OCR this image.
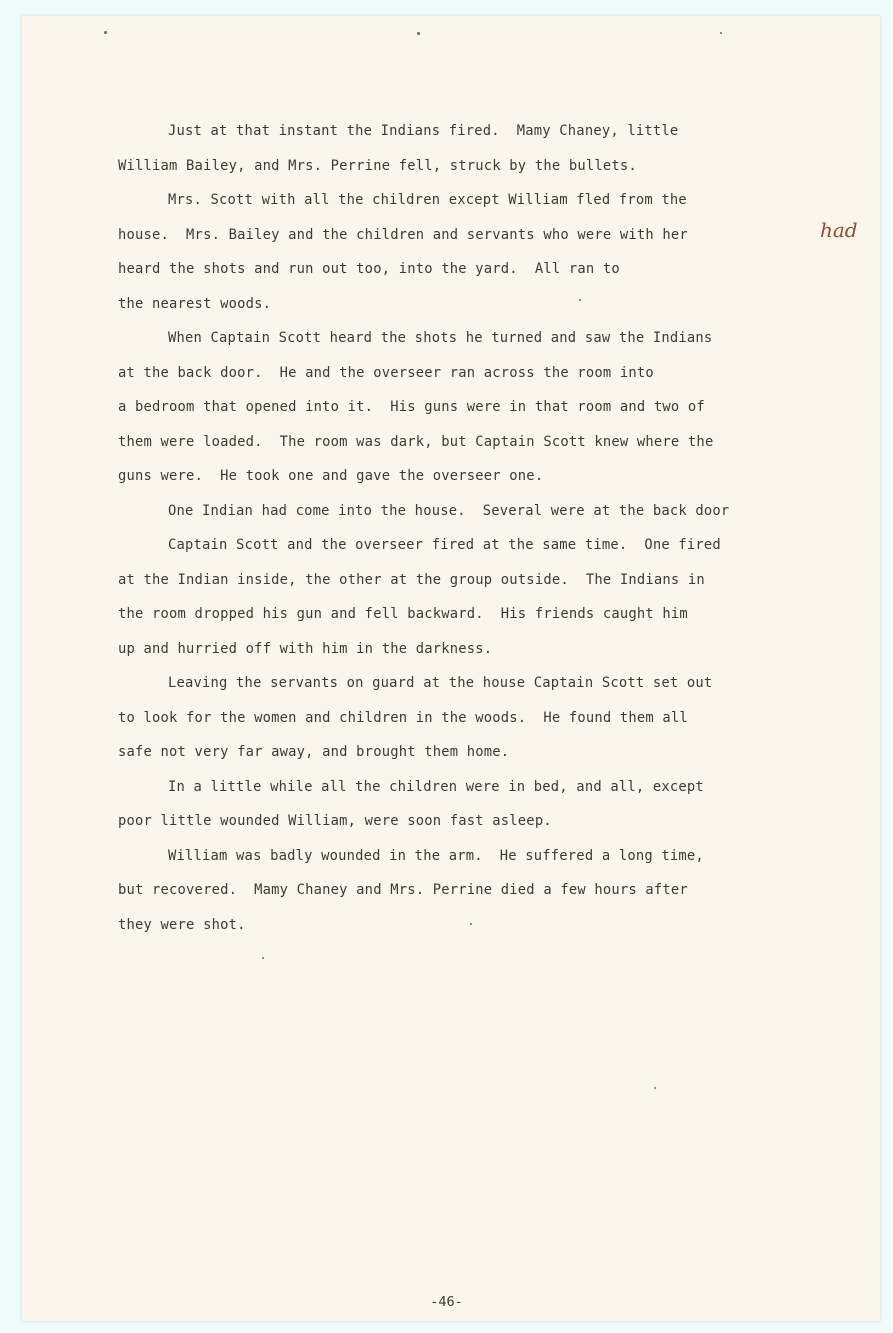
Just at that instant the Indians fired.  Mamy Chaney, little
William Bailey, and Mrs. Perrine fell, struck by the bullets.
Mrs. Scott with all the children except William fled from the
house.  Mrs. Bailey and the children and servants who were with her
heard the shots and run out too, into the yard.  All ran to
the nearest woods.
When Captain Scott heard the shots he turned and saw the Indians
at the back door.  He and the overseer ran across the room into
a bedroom that opened into it.  His guns were in that room and two of
them were loaded.  The room was dark, but Captain Scott knew where the
guns were.  He took one and gave the overseer one.
One Indian had come into the house.  Several were at the back door
Captain Scott and the overseer fired at the same time.  One fired
at the Indian inside, the other at the group outside.  The Indians in
the room dropped his gun and fell backward.  His friends caught him
up and hurried off with him in the darkness.
Leaving the servants on guard at the house Captain Scott set out
to look for the women and children in the woods.  He found them all
safe not very far away, and brought them home.
In a little while all the children were in bed, and all, except
poor little wounded William, were soon fast asleep.
William was badly wounded in the arm.  He suffered a long time,
but recovered.  Mamy Chaney and Mrs. Perrine died a few hours after
they were shot.
had
-46-
